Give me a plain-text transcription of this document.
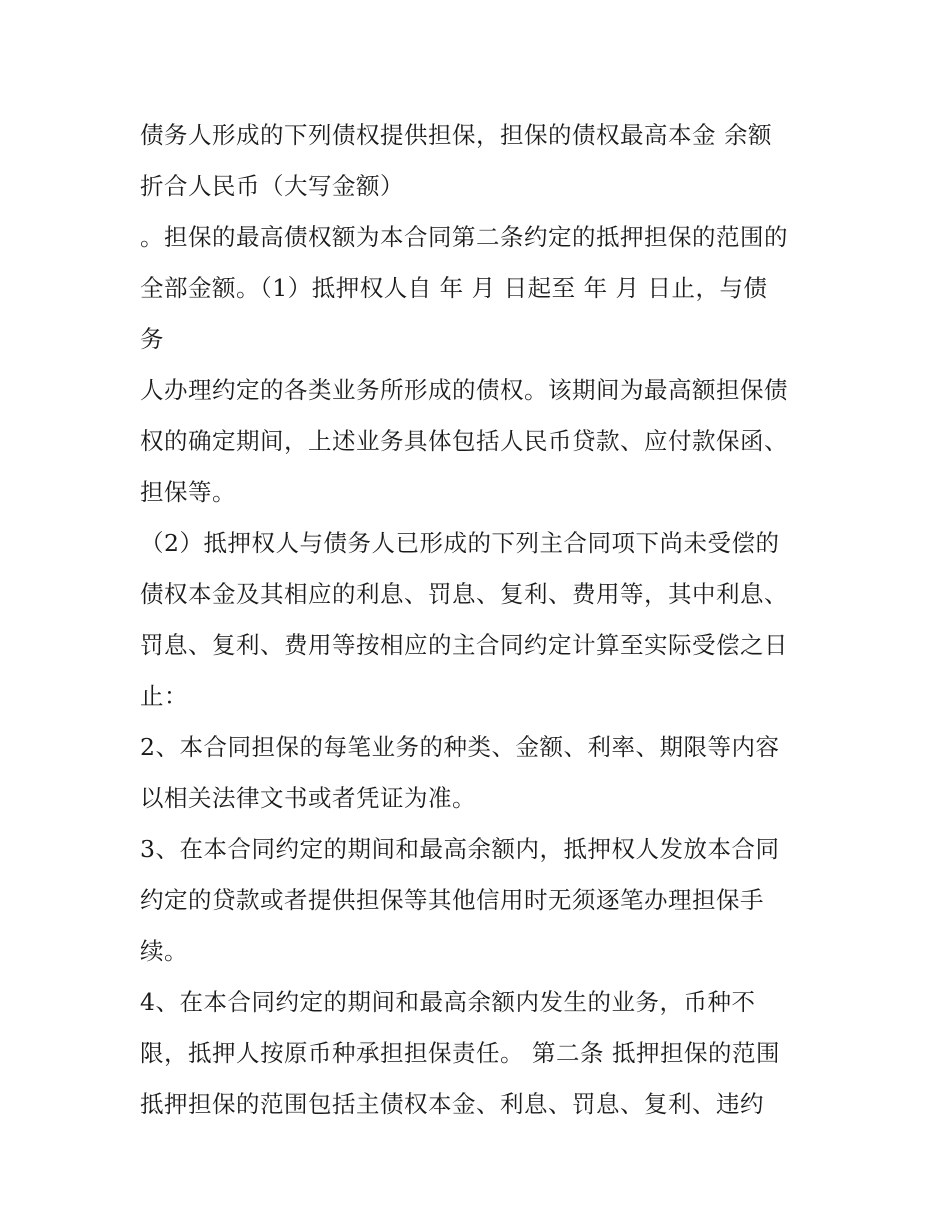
债务人形成的下列债权提供担保，担保的债权最高本金 余额
折合人民币（大写金额）
。担保的最高债权额为本合同第二条约定的抵押担保的范围的
全部金额。（1）抵押权人自 年 月 日起至 年 月 日止，与债
务
人办理约定的各类业务所形成的债权。该期间为最高额担保债
权的确定期间，上述业务具体包括人民币贷款、应付款保函、
担保等。
（2）抵押权人与债务人已形成的下列主合同项下尚未受偿的
债权本金及其相应的利息、罚息、复利、费用等，其中利息、
罚息、复利、费用等按相应的主合同约定计算至实际受偿之日
止：
2、本合同担保的每笔业务的种类、金额、利率、期限等内容
以相关法律文书或者凭证为准。
3、在本合同约定的期间和最高余额内，抵押权人发放本合同
约定的贷款或者提供担保等其他信用时无须逐笔办理担保手
续。
4、在本合同约定的期间和最高余额内发生的业务，币种不
限，抵押人按原币种承担担保责任。 第二条 抵押担保的范围
抵押担保的范围包括主债权本金、利息、罚息、复利、违约
